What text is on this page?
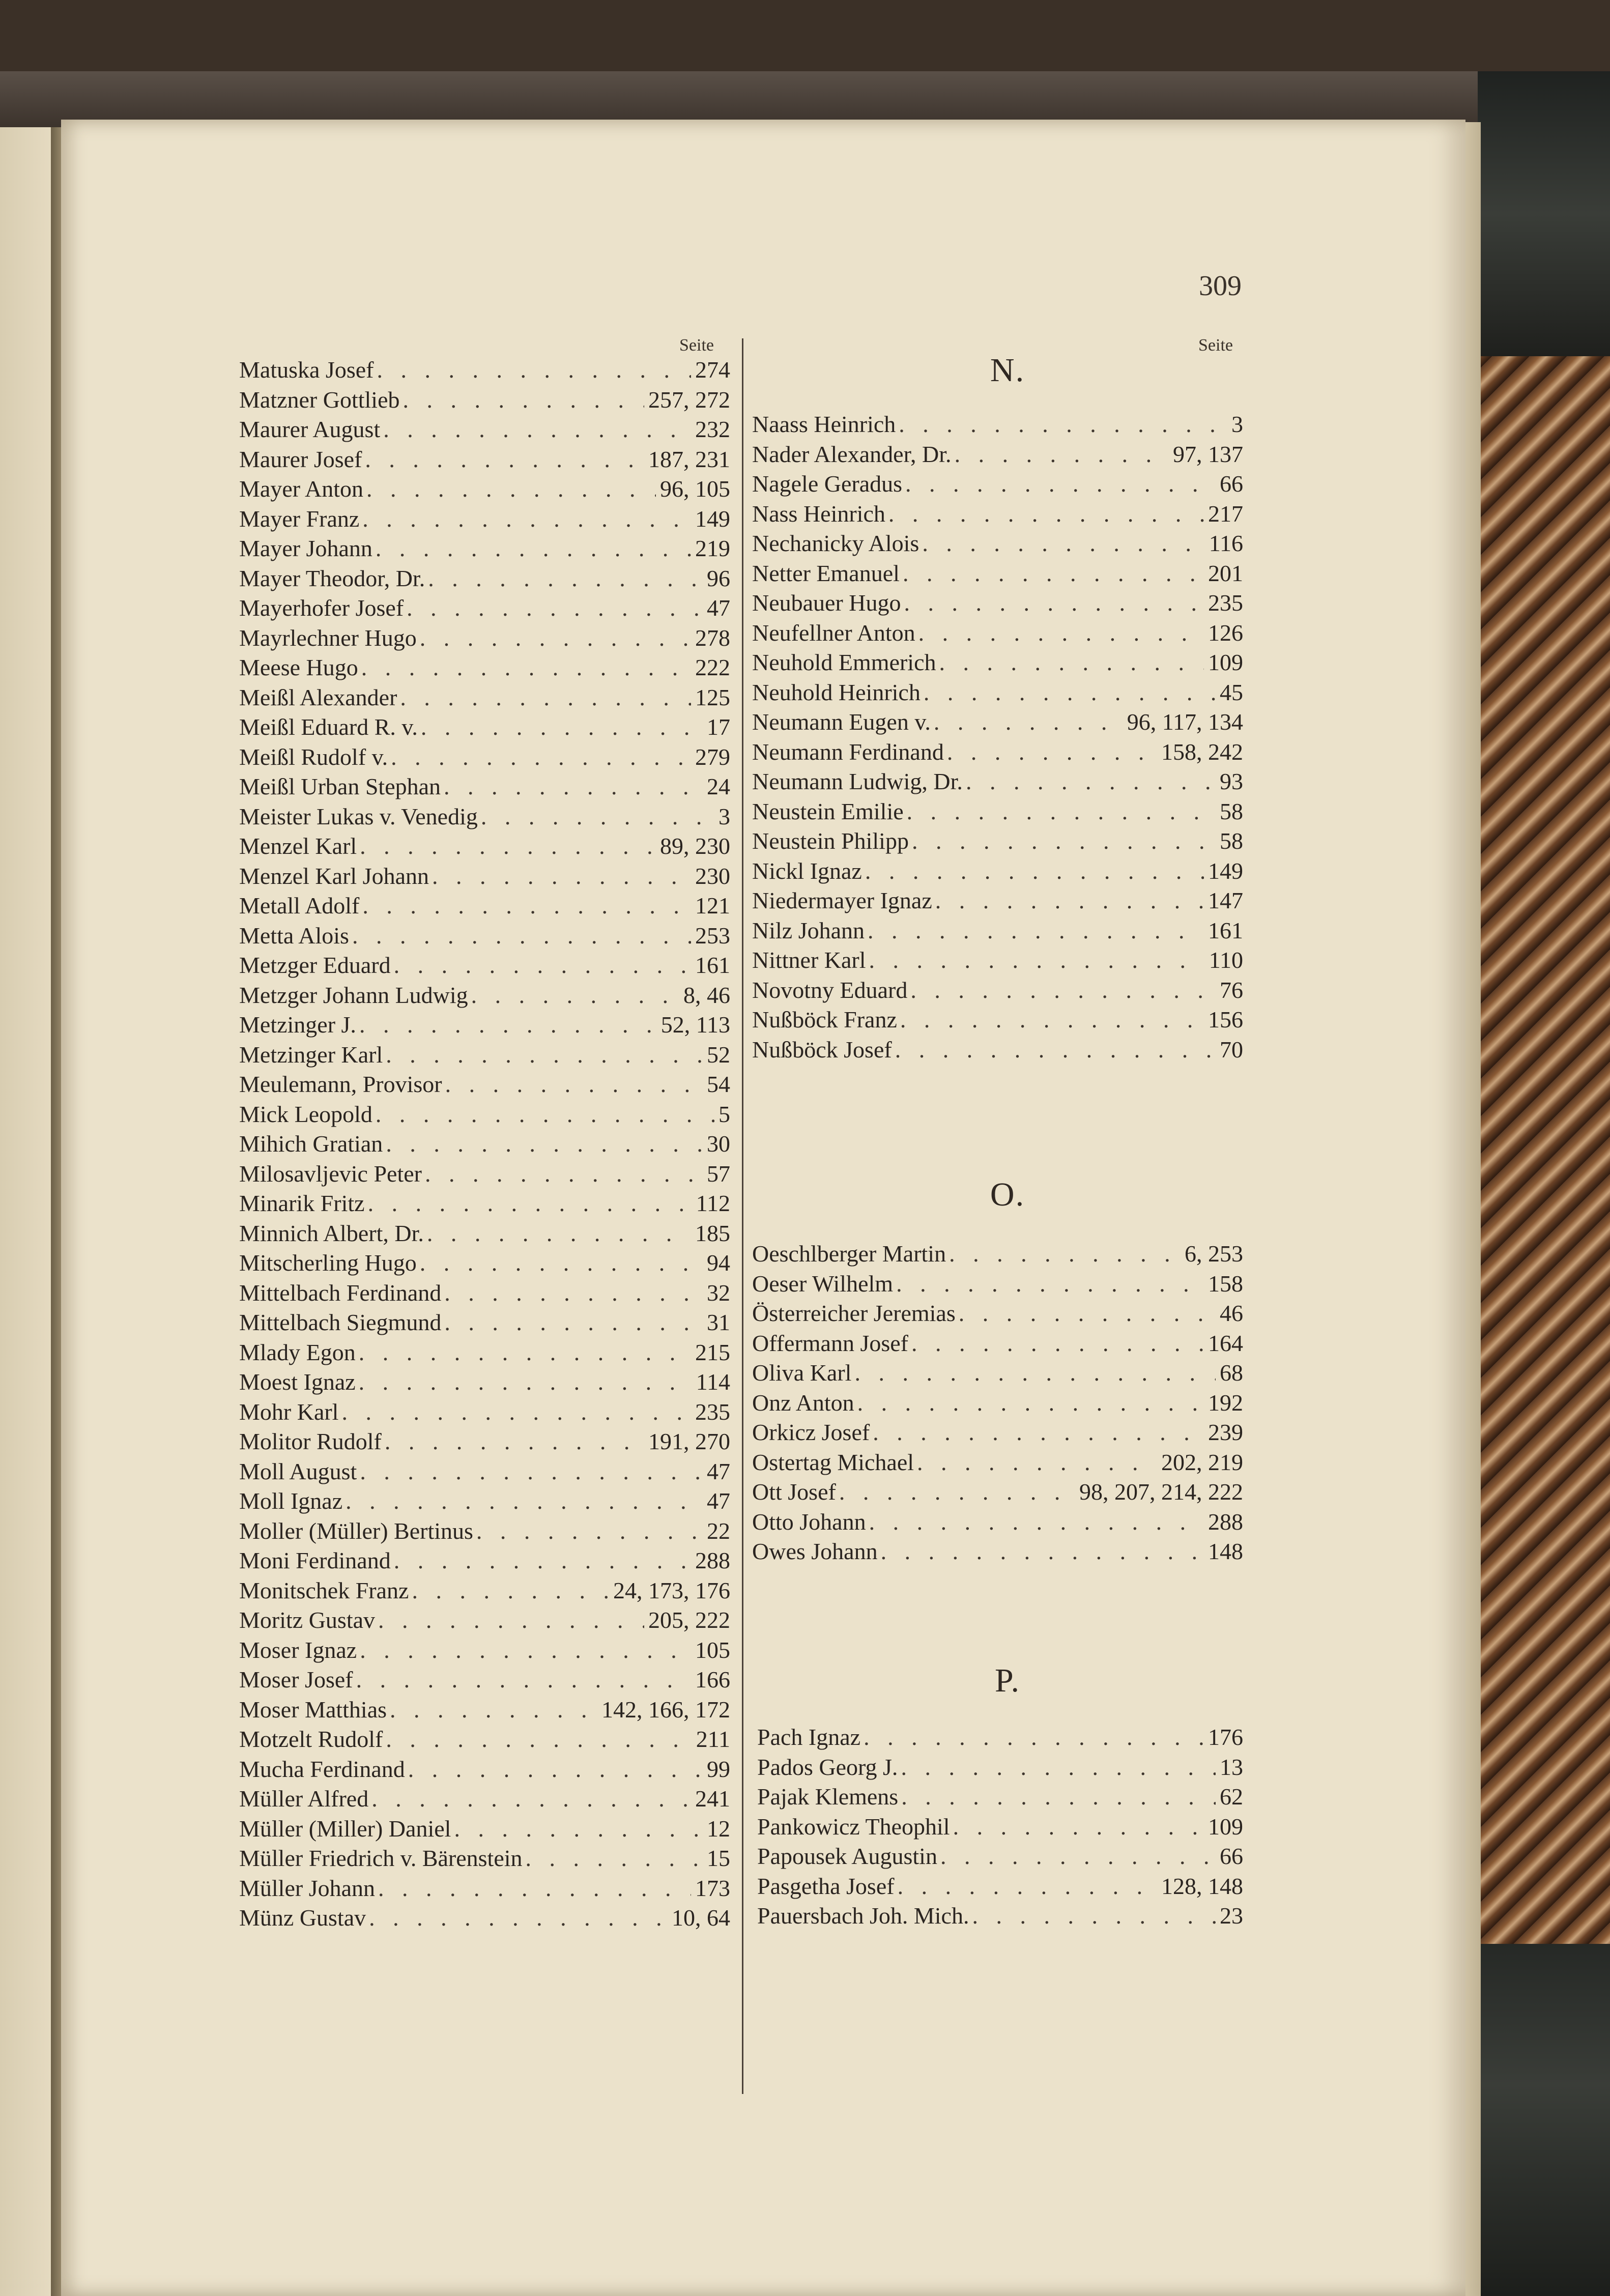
309
Seite	Seite
Matuska Josef . . .	274
Matzner Gottlieb . . .	257, 272
Maurer August . . .	232
Maurer Josef . . .	187, 231
Mayer Anton . . .	96, 105
Mayer Franz . . .	149
Mayer Johann . . .	219
Mayer Theodor, Dr. . . .	96
Mayerhofer Josef . . .	47
Mayrlechner Hugo . . .	278
Meese Hugo . . .	222
Meißl Alexander . . .	125
Meißl Eduard R. v. . . .	17
Meißl Rudolf v. . . .	279
Meißl Urban Stephan . . .	24
Meister Lukas v. Venedig . . .	3
Menzel Karl . . .	89, 230
Menzel Karl Johann . . .	230
Metall Adolf . . .	121
Metta Alois . . .	253
Metzger Eduard . . .	161
Metzger Johann Ludwig . . .	8, 46
Metzinger J. . . .	52, 113
Metzinger Karl . . .	52
Meulemann, Provisor . . .	54
Mick Leopold . . .	5
Mihich Gratian . . .	30
Milosavljevic Peter . . .	57
Minarik Fritz . . .	112
Minnich Albert, Dr. . . .	185
Mitscherling Hugo . . .	94
Mittelbach Ferdinand . . .	32
Mittelbach Siegmund . . .	31
Mlady Egon . . .	215
Moest Ignaz . . .	114
Mohr Karl . . .	235
Molitor Rudolf . . .	191, 270
Moll August . . .	47
Moll Ignaz . . .	47
Moller (Müller) Bertinus . . .	22
Moni Ferdinand . . .	288
Monitschek Franz . . .	24, 173, 176
Moritz Gustav . . .	205, 222
Moser Ignaz . . .	105
Moser Josef . . .	166
Moser Matthias . . .	142, 166, 172
Motzelt Rudolf . . .	211
Mucha Ferdinand . . .	99
Müller Alfred . . .	241
Müller (Miller) Daniel . . .	12
Müller Friedrich v. Bärenstein . . .	15
Müller Johann . . .	173
Münz Gustav . . .	10, 64
N.
Naass Heinrich . . .	3
Nader Alexander, Dr. . . .	97, 137
Nagele Geradus . . .	66
Nass Heinrich . . .	217
Nechanicky Alois . . .	116
Netter Emanuel . . .	201
Neubauer Hugo . . .	235
Neufellner Anton . . .	126
Neuhold Emmerich . . .	109
Neuhold Heinrich . . .	45
Neumann Eugen v. . . .	96, 117, 134
Neumann Ferdinand . . .	158, 242
Neumann Ludwig, Dr. . . .	93
Neustein Emilie . . .	58
Neustein Philipp . . .	58
Nickl Ignaz . . .	149
Niedermayer Ignaz . . .	147
Nilz Johann . . .	161
Nittner Karl . . .	110
Novotny Eduard . . .	76
Nußböck Franz . . .	156
Nußböck Josef . . .	70
O.
Oeschlberger Martin . . .	6, 253
Oeser Wilhelm . . .	158
Österreicher Jeremias . . .	46
Offermann Josef . . .	164
Oliva Karl . . .	68
Onz Anton . . .	192
Orkicz Josef . . .	239
Ostertag Michael . . .	202, 219
Ott Josef . . .	98, 207, 214, 222
Otto Johann . . .	288
Owes Johann . . .	148
P.
Pach Ignaz . . .	176
Pados Georg J. . . .	13
Pajak Klemens . . .	62
Pankowicz Theophil . . .	109
Papousek Augustin . . .	66
Pasgetha Josef . . .	128, 148
Pauersbach Joh. Mich. . . .	23
